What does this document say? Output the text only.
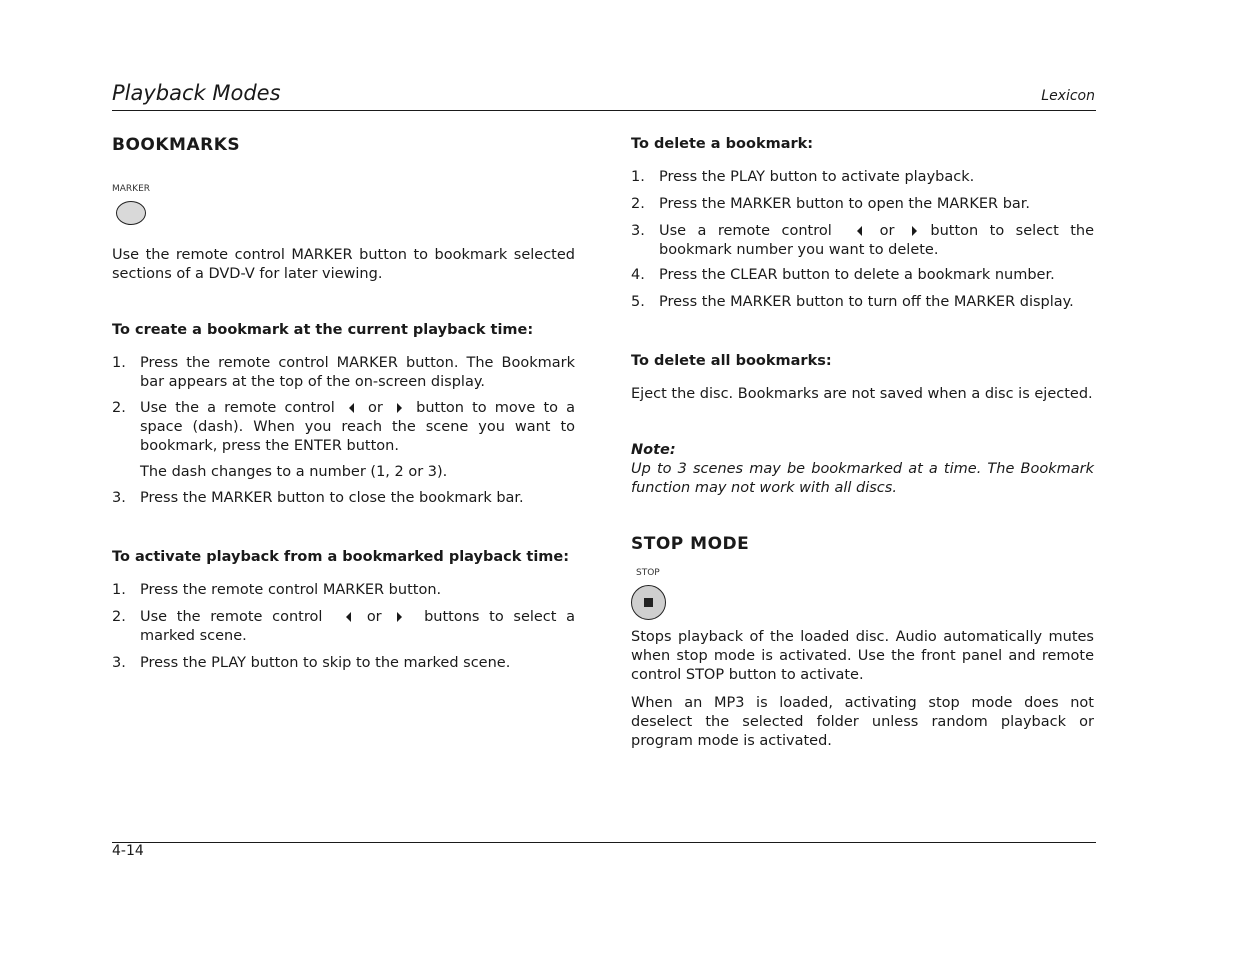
Playback Modes	Lexicon
BOOKMARKS
MARKER

Use the remote control MARKER button to bookmark selected sections of a DVD-V for later viewing.

To create a bookmark at the current playback time:
1. Press the remote control MARKER button. The Bookmark bar appears at the top of the on-screen display.
2. Use the a remote control or button to move to a space (dash). When you reach the scene you want to bookmark, press the ENTER button.
The dash changes to a number (1, 2 or 3).
3. Press the MARKER button to close the bookmark bar.
To activate playback from a bookmarked playback time:
1. Press the remote control MARKER button.
2. Use the remote control	or	buttons to select a marked scene.
3. Press the PLAY button to skip to the marked scene.
To delete a bookmark:
1. Press the PLAY button to activate playback.
2. Press the MARKER button to open the MARKER bar.
3. Use a remote control	or button to select the bookmark number you want to delete.
4. Press the CLEAR button to delete a bookmark number.
5. Press the MARKER button to turn off the MARKER display.
To delete all bookmarks:

Eject the disc. Bookmarks are not saved when a disc is ejected.

Note:
Up to 3 scenes may be bookmarked at a time. The Bookmark function may not work with all discs.
STOP MODE
STOP

Stops playback of the loaded disc. Audio automatically mutes when stop mode is activated. Use the front panel and remote control STOP button to activate.

When an MP3 is loaded, activating stop mode does not deselect the selected folder unless random playback or program mode is activated.

4-14
